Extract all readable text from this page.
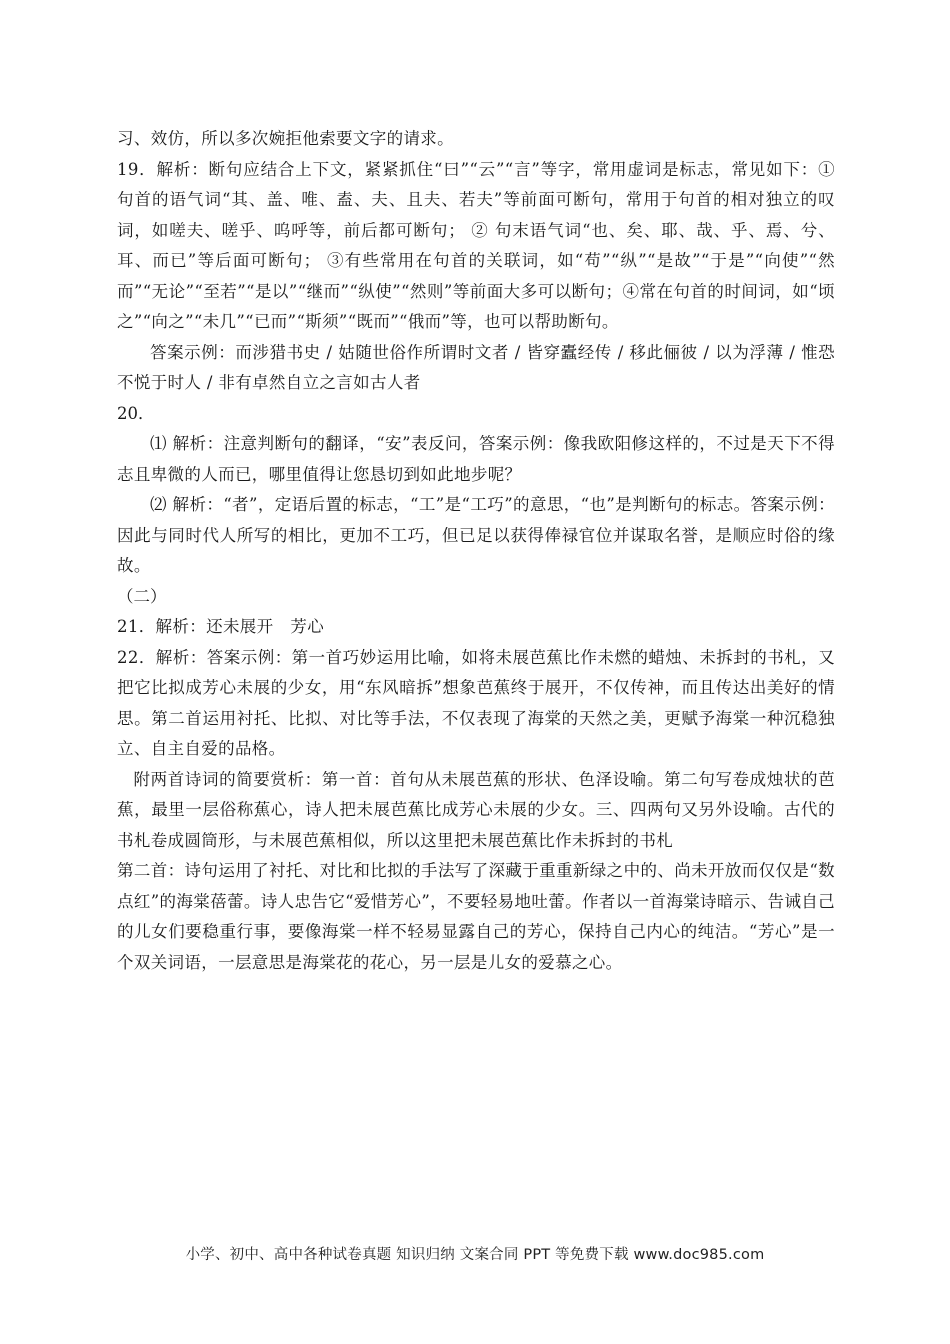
习、效仿，所以多次婉拒他索要文字的请求。

19．解析：断句应结合上下文，紧紧抓住“曰”“云”“言”等字，常用虚词是标志，常见如下：① 句首的语气词“其、盖、唯、盍、夫、且夫、若夫”等前面可断句，常用于句首的相对独立的叹词，如嗟夫、嗟乎、呜呼等，前后都可断句； ② 句末语气词“也、矣、耶、哉、乎、焉、兮、耳、而已”等后面可断句； ③有些常用在句首的关联词，如“苟”“纵”“是故”“于是”“向使”“然而”“无论”“至若”“是以”“继而”“纵使”“然则”等前面大多可以断句；④常在句首的时间词，如“顷之”“向之”“未几”“已而”“斯须”“既而”“俄而”等，也可以帮助断句。

答案示例：而涉猎书史 / 姑随世俗作所谓时文者 / 皆穿蠹经传 / 移此俪彼 / 以为浮薄 / 惟恐不悦于时人 / 非有卓然自立之言如古人者

20．

⑴ 解析：注意判断句的翻译，“安”表反问，答案示例：像我欧阳修这样的，不过是天下不得志且卑微的人而已，哪里值得让您恳切到如此地步呢？

⑵ 解析：“者”，定语后置的标志，“工”是“工巧”的意思，“也”是判断句的标志。答案示例：因此与同时代人所写的相比，更加不工巧，但已足以获得俸禄官位并谋取名誉，是顺应时俗的缘故。

（二）

21．解析：还未展开　芳心

22．解析：答案示例：第一首巧妙运用比喻，如将未展芭蕉比作未燃的蜡烛、未拆封的书札，又把它比拟成芳心未展的少女，用“东风暗拆”想象芭蕉终于展开，不仅传神，而且传达出美好的情思。第二首运用衬托、比拟、对比等手法，不仅表现了海棠的天然之美，更赋予海棠一种沉稳独立、自主自爱的品格。

附两首诗词的简要赏析：第一首：首句从未展芭蕉的形状、色泽设喻。第二句写卷成烛状的芭蕉，最里一层俗称蕉心，诗人把未展芭蕉比成芳心未展的少女。三、四两句又另外设喻。古代的书札卷成圆筒形，与未展芭蕉相似，所以这里把未展芭蕉比作未拆封的书札

第二首：诗句运用了衬托、对比和比拟的手法写了深藏于重重新绿之中的、尚未开放而仅仅是“数点红”的海棠蓓蕾。诗人忠告它“爱惜芳心”，不要轻易地吐蕾。作者以一首海棠诗暗示、告诫自己的儿女们要稳重行事，要像海棠一样不轻易显露自己的芳心，保持自己内心的纯洁。“芳心”是一个双关词语，一层意思是海棠花的花心，另一层是儿女的爱慕之心。

小学、初中、高中各种试卷真题 知识归纳 文案合同 PPT 等免费下载 www.doc985.com
